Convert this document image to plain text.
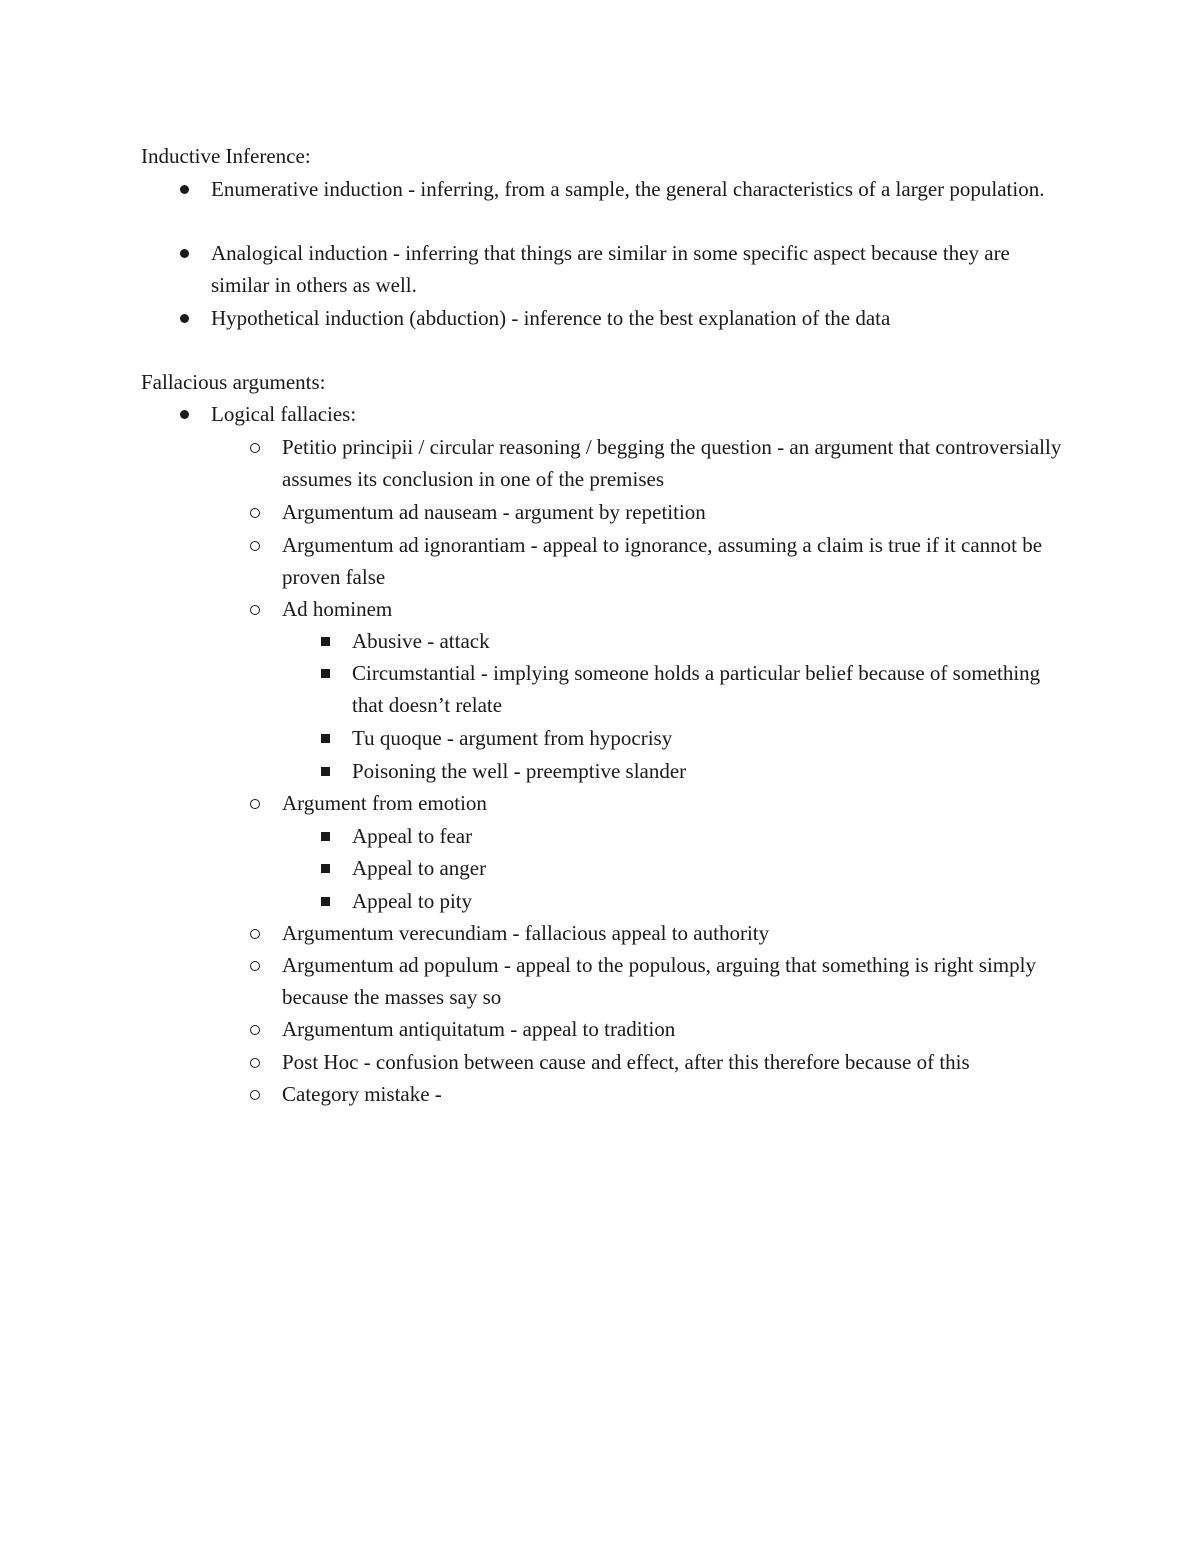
Inductive Inference:
Enumerative induction - inferring, from a sample, the general characteristics of a larger population.
Analogical induction - inferring that things are similar in some specific aspect because they are similar in others as well.
Hypothetical induction (abduction) - inference to the best explanation of the data
Fallacious arguments:
Logical fallacies:
Petitio principii / circular reasoning / begging the question - an argument that controversially assumes its conclusion in one of the premises
Argumentum ad nauseam - argument by repetition
Argumentum ad ignorantiam - appeal to ignorance, assuming a claim is true if it cannot be proven false
Ad hominem
Abusive - attack
Circumstantial - implying someone holds a particular belief because of something that doesn’t relate
Tu quoque - argument from hypocrisy
Poisoning the well - preemptive slander
Argument from emotion
Appeal to fear
Appeal to anger
Appeal to pity
Argumentum verecundiam - fallacious appeal to authority
Argumentum ad populum - appeal to the populous, arguing that something is right simply because the masses say so
Argumentum antiquitatum - appeal to tradition
Post Hoc - confusion between cause and effect, after this therefore because of this
Category mistake -
